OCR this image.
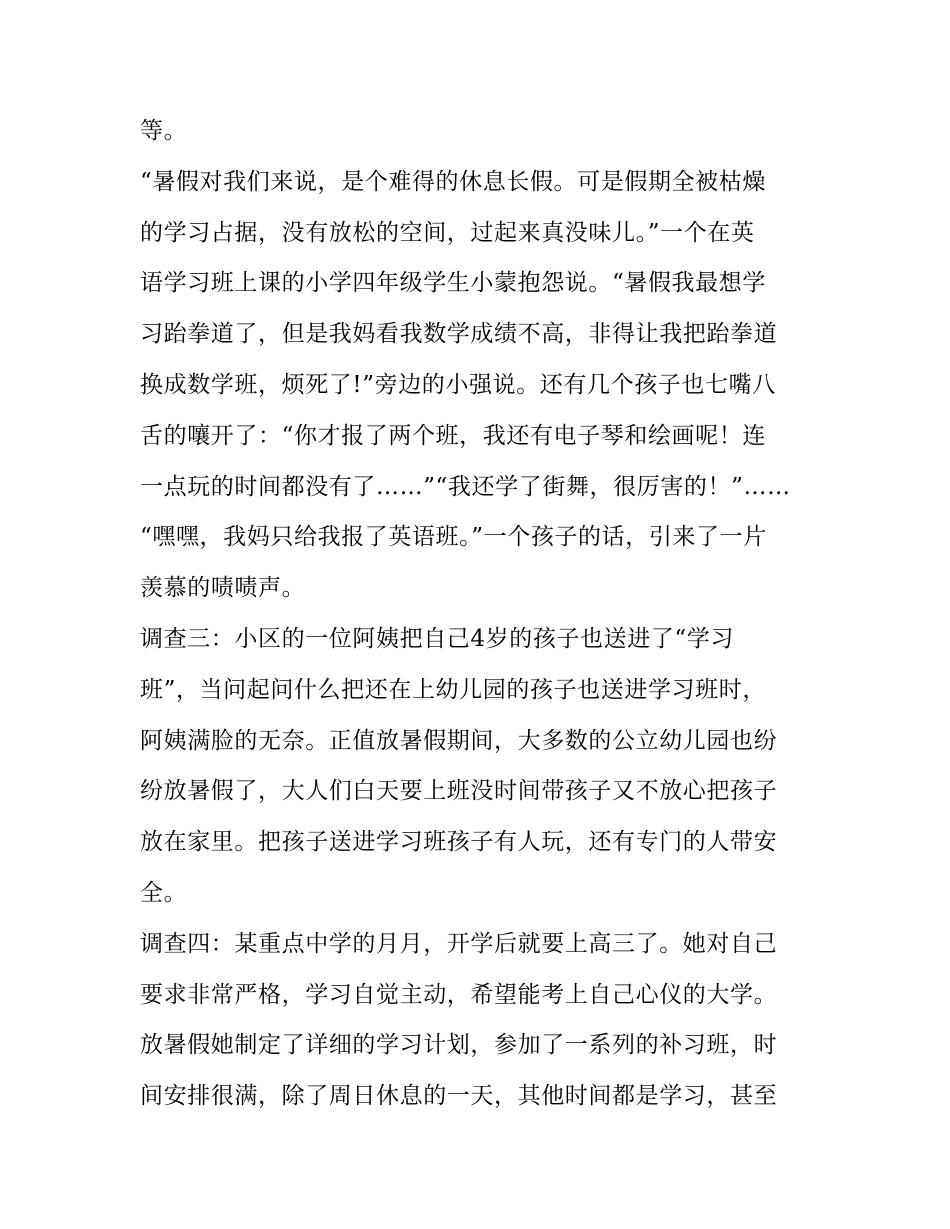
等。
“暑假对我们来说，是个难得的休息长假。可是假期全被枯燥
的学习占据，没有放松的空间，过起来真没味儿。”一个在英
语学习班上课的小学四年级学生小蒙抱怨说。“暑假我最想学
习跆拳道了，但是我妈看我数学成绩不高，非得让我把跆拳道
换成数学班，烦死了!”旁边的小强说。还有几个孩子也七嘴八
舌的嚷开了：“你才报了两个班，我还有电子琴和绘画呢！连
一点玩的时间都没有了……”“我还学了街舞，很厉害的！”……
“嘿嘿，我妈只给我报了英语班。”一个孩子的话，引来了一片
羡慕的啧啧声。
调查三：小区的一位阿姨把自己4岁的孩子也送进了“学习
班”，当问起问什么把还在上幼儿园的孩子也送进学习班时，
阿姨满脸的无奈。正值放暑假期间，大多数的公立幼儿园也纷
纷放暑假了，大人们白天要上班没时间带孩子又不放心把孩子
放在家里。把孩子送进学习班孩子有人玩，还有专门的人带安
全。
调查四：某重点中学的月月，开学后就要上高三了。她对自己
要求非常严格，学习自觉主动，希望能考上自己心仪的大学。
放暑假她制定了详细的学习计划，参加了一系列的补习班，时
间安排很满，除了周日休息的一天，其他时间都是学习，甚至
